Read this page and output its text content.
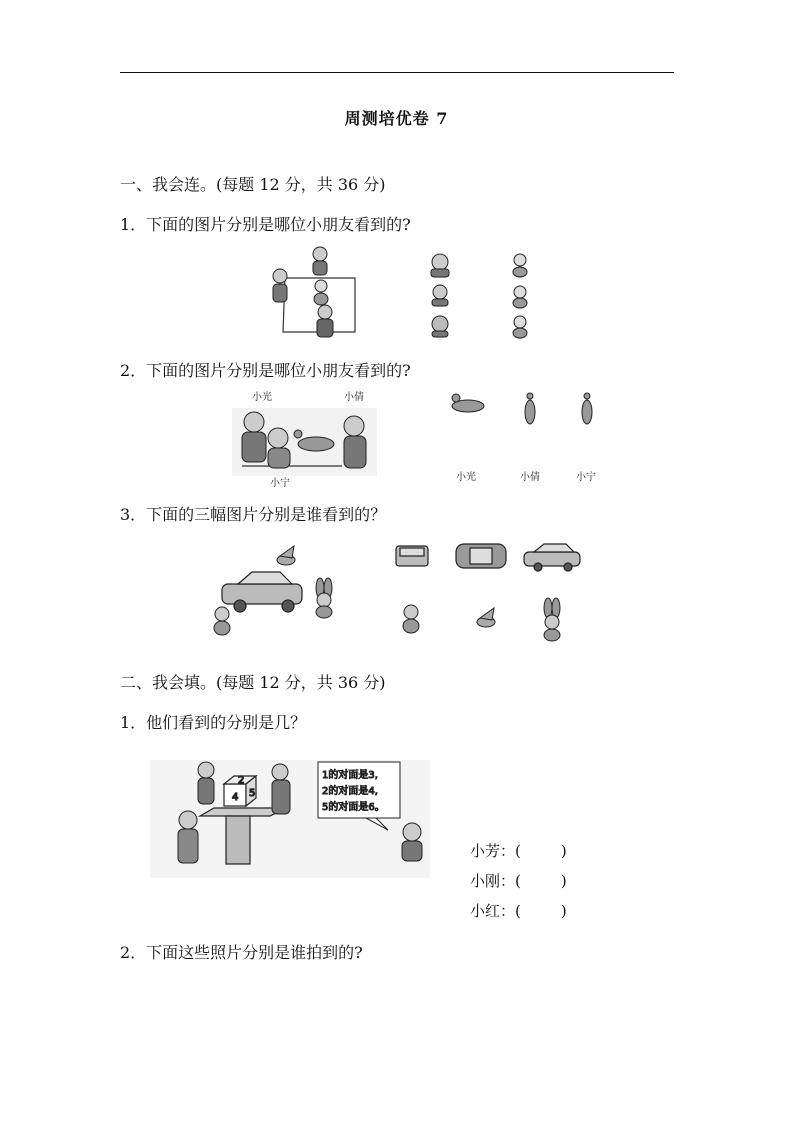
周测培优卷 7
一、我会连。(每题 12 分，共 36 分)
1．下面的图片分别是哪位小朋友看到的?
2．下面的图片分别是哪位小朋友看到的?
小光	小倩
小宁
小光	小倩	小宁
3．下面的三幅图片分别是谁看到的？
二、我会填。(每题 12 分，共 36 分)
1．他们看到的分别是几？
2
4 5
1的对面是3,
2的对面是4,
5的对面是6。
小芳：(	)
小刚：(	)
小红：(	)
2．下面这些照片分别是谁拍到的?
